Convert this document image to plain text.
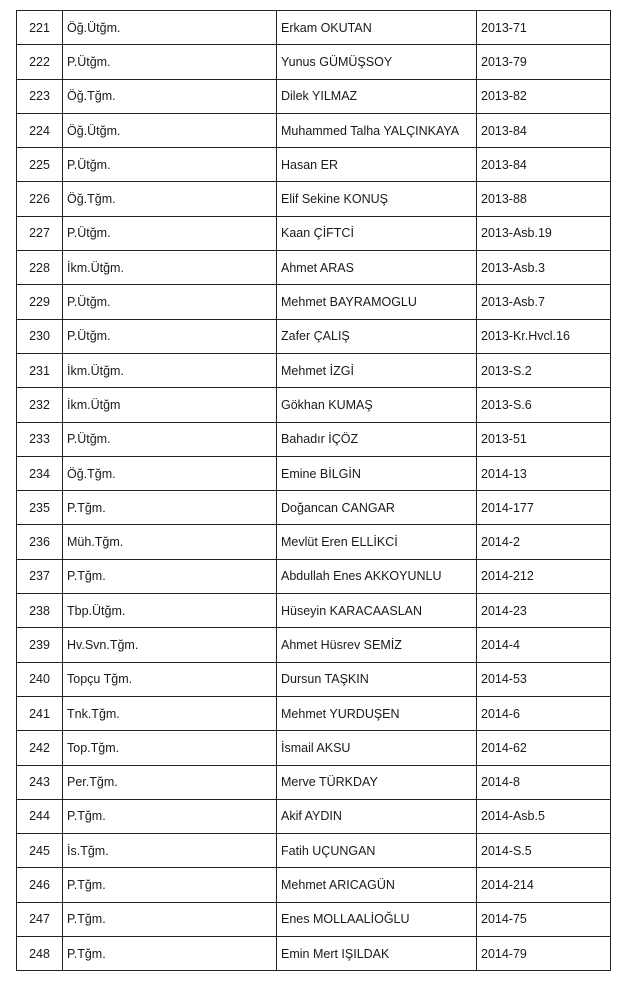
221	Öğ.Ütğm.	Erkam OKUTAN	2013-71
222	P.Ütğm.	Yunus GÜMÜŞSOY	2013-79
223	Öğ.Tğm.	Dilek YILMAZ	2013-82
224	Öğ.Ütğm.	Muhammed Talha YALÇINKAYA	2013-84
225	P.Ütğm.	Hasan ER	2013-84
226	Öğ.Tğm.	Elif Sekine KONUŞ	2013-88
227	P.Ütğm.	Kaan ÇİFTCİ	2013-Asb.19
228	İkm.Ütğm.	Ahmet ARAS	2013-Asb.3
229	P.Ütğm.	Mehmet BAYRAMOGLU	2013-Asb.7
230	P.Ütğm.	Zafer ÇALIŞ	2013-Kr.Hvcl.16
231	İkm.Ütğm.	Mehmet İZGİ	2013-S.2
232	İkm.Ütğm	Gökhan KUMAŞ	2013-S.6
233	P.Ütğm.	Bahadır İÇÖZ	2013-51
234	Öğ.Tğm.	Emine BİLGİN	2014-13
235	P.Tğm.	Doğancan CANGAR	2014-177
236	Müh.Tğm.	Mevlüt Eren ELLİKCİ	2014-2
237	P.Tğm.	Abdullah Enes AKKOYUNLU	2014-212
238	Tbp.Ütğm.	Hüseyin KARACAASLAN	2014-23
239	Hv.Svn.Tğm.	Ahmet Hüsrev SEMİZ	2014-4
240	Topçu Tğm.	Dursun TAŞKIN	2014-53
241	Tnk.Tğm.	Mehmet YURDUŞEN	2014-6
242	Top.Tğm.	İsmail AKSU	2014-62
243	Per.Tğm.	Merve TÜRKDAY	2014-8
244	P.Tğm.	Akif AYDIN	2014-Asb.5
245	İs.Tğm.	Fatih UÇUNGAN	2014-S.5
246	P.Tğm.	Mehmet ARICAGÜN	2014-214
247	P.Tğm.	Enes MOLLAALİOĞLU	2014-75
248	P.Tğm.	Emin Mert IŞILDAK	2014-79
